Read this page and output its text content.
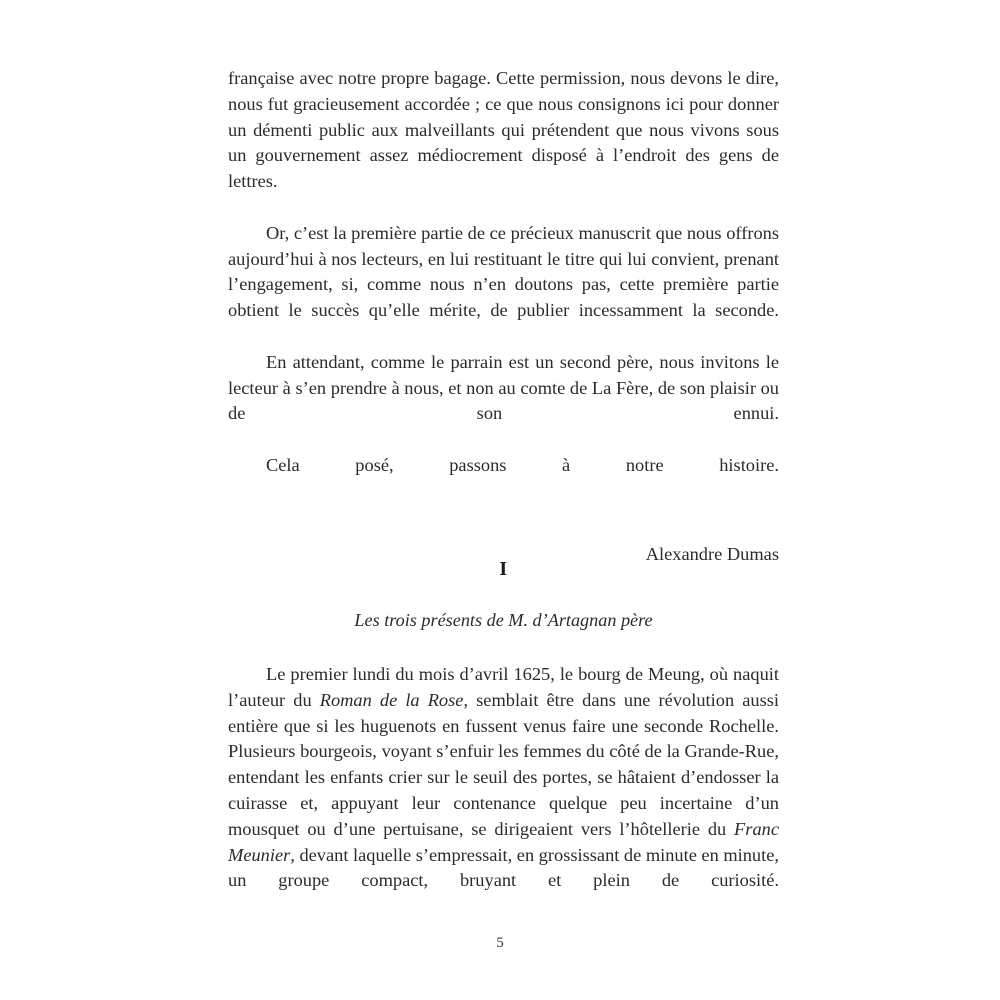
française avec notre propre bagage. Cette permission, nous devons le dire, nous fut gracieusement accordée ; ce que nous consignons ici pour donner un démenti public aux malveillants qui prétendent que nous vivons sous un gouvernement assez médiocrement disposé à l’endroit des gens de lettres.

Or, c’est la première partie de ce précieux manuscrit que nous offrons aujourd’hui à nos lecteurs, en lui restituant le titre qui lui convient, prenant l’engagement, si, comme nous n’en doutons pas, cette première partie obtient le succès qu’elle mérite, de publier incessamment la seconde.

En attendant, comme le parrain est un second père, nous invitons le lecteur à s’en prendre à nous, et non au comte de La Fère, de son plaisir ou de son ennui.

Cela posé, passons à notre histoire.

Alexandre Dumas

I

Les trois présents de M. d’Artagnan père

Le premier lundi du mois d’avril 1625, le bourg de Meung, où naquit l’auteur du Roman de la Rose, semblait être dans une révolution aussi entière que si les huguenots en fussent venus faire une seconde Rochelle. Plusieurs bourgeois, voyant s’enfuir les femmes du côté de la Grande-Rue, entendant les enfants crier sur le seuil des portes, se hâtaient d’endosser la cuirasse et, appuyant leur contenance quelque peu incertaine d’un mousquet ou d’une pertuisane, se dirigeaient vers l’hôtellerie du Franc Meunier, devant laquelle s’empressait, en grossissant de minute en minute, un groupe compact, bruyant et plein de curiosité.

5
